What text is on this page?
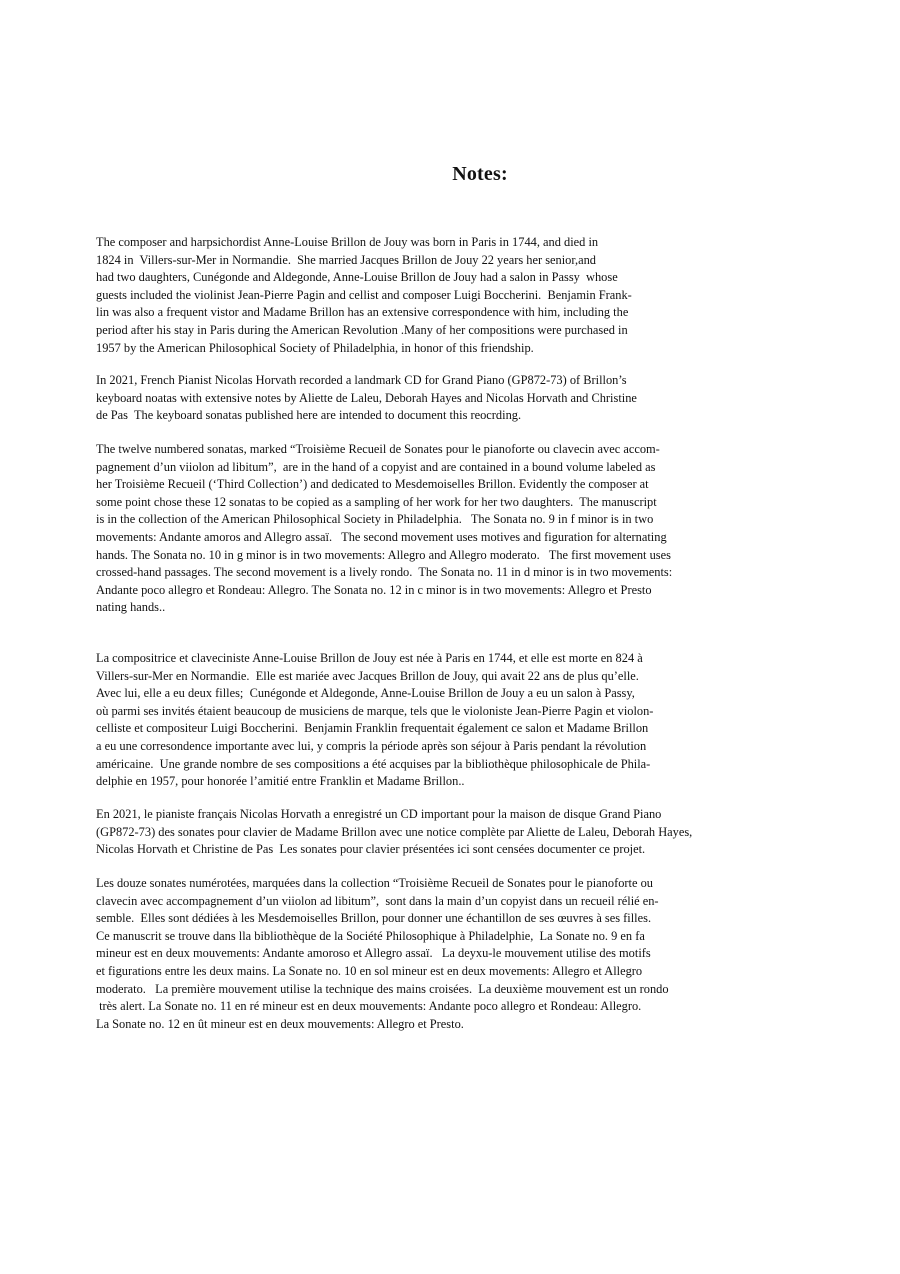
Notes:

The composer and harpsichordist Anne-Louise Brillon de Jouy was born in Paris in 1744, and died in
1824 in  Villers-sur-Mer in Normandie.  She married Jacques Brillon de Jouy 22 years her senior,and
had two daughters, Cunégonde and Aldegonde, Anne-Louise Brillon de Jouy had a salon in Passy  whose
guests included the violinist Jean-Pierre Pagin and cellist and composer Luigi Boccherini.  Benjamin Frank-
lin was also a frequent vistor and Madame Brillon has an extensive correspondence with him, including the
period after his stay in Paris during the American Revolution .Many of her compositions were purchased in
1957 by the American Philosophical Society of Philadelphia, in honor of this friendship.

In 2021, French Pianist Nicolas Horvath recorded a landmark CD for Grand Piano (GP872-73) of Brillon’s
keyboard noatas with extensive notes by Aliette de Laleu, Deborah Hayes and Nicolas Horvath and Christine
de Pas  The keyboard sonatas published here are intended to document this reocrding.

The twelve numbered sonatas, marked “Troisième Recueil de Sonates pour le pianoforte ou clavecin avec accom-
pagnement d’un viiolon ad libitum”,  are in the hand of a copyist and are contained in a bound volume labeled as
her Troisième Recueil (‘Third Collection’) and dedicated to Mesdemoiselles Brillon. Evidently the composer at
some point chose these 12 sonatas to be copied as a sampling of her work for her two daughters.  The manuscript
is in the collection of the American Philosophical Society in Philadelphia.   The Sonata no. 9 in f minor is in two
movements: Andante amoros and Allegro assaï.   The second movement uses motives and figuration for alternating
hands. The Sonata no. 10 in g minor is in two movements: Allegro and Allegro moderato.   The first movement uses
crossed-hand passages. The second movement is a lively rondo.  The Sonata no. 11 in d minor is in two movements:
Andante poco allegro et Rondeau: Allegro. The Sonata no. 12 in c minor is in two movements: Allegro et Presto
nating hands..

La compositrice et claveciniste Anne-Louise Brillon de Jouy est née à Paris en 1744, et elle est morte en 824 à
Villers-sur-Mer en Normandie.  Elle est mariée avec Jacques Brillon de Jouy, qui avait 22 ans de plus qu’elle.
Avec lui, elle a eu deux filles;  Cunégonde et Aldegonde, Anne-Louise Brillon de Jouy a eu un salon à Passy,
où parmi ses invités étaient beaucoup de musiciens de marque, tels que le violoniste Jean-Pierre Pagin et violon-
celliste et compositeur Luigi Boccherini.  Benjamin Franklin frequentait également ce salon et Madame Brillon
a eu une corresondence importante avec lui, y compris la période après son séjour à Paris pendant la révolution
américaine.  Une grande nombre de ses compositions a été acquises par la bibliothèque philosophicale de Phila-
delphie en 1957, pour honorée l’amitié entre Franklin et Madame Brillon..

En 2021, le pianiste français Nicolas Horvath a enregistré un CD important pour la maison de disque Grand Piano
(GP872-73) des sonates pour clavier de Madame Brillon avec une notice complète par Aliette de Laleu, Deborah Hayes,
Nicolas Horvath et Christine de Pas  Les sonates pour clavier présentées ici sont censées documenter ce projet.

Les douze sonates numérotées, marquées dans la collection “Troisième Recueil de Sonates pour le pianoforte ou
clavecin avec accompagnement d’un viiolon ad libitum”,  sont dans la main d’un copyist dans un recueil rélié en-
semble.  Elles sont dédiées à les Mesdemoiselles Brillon, pour donner une échantillon de ses œuvres à ses filles.
Ce manuscrit se trouve dans lla bibliothèque de la Société Philosophique à Philadelphie,  La Sonate no. 9 en fa
mineur est en deux mouvements: Andante amoroso et Allegro assaï.   La deyxu-le mouvement utilise des motifs
et figurations entre les deux mains. La Sonate no. 10 en sol mineur est en deux movements: Allegro et Allegro
moderato.   La première mouvement utilise la technique des mains croisées.  La deuxième mouvement est un rondo
très alert. La Sonate no. 11 en ré mineur est en deux mouvements: Andante poco allegro et Rondeau: Allegro.
La Sonate no. 12 en ût mineur est en deux mouvements: Allegro et Presto.
